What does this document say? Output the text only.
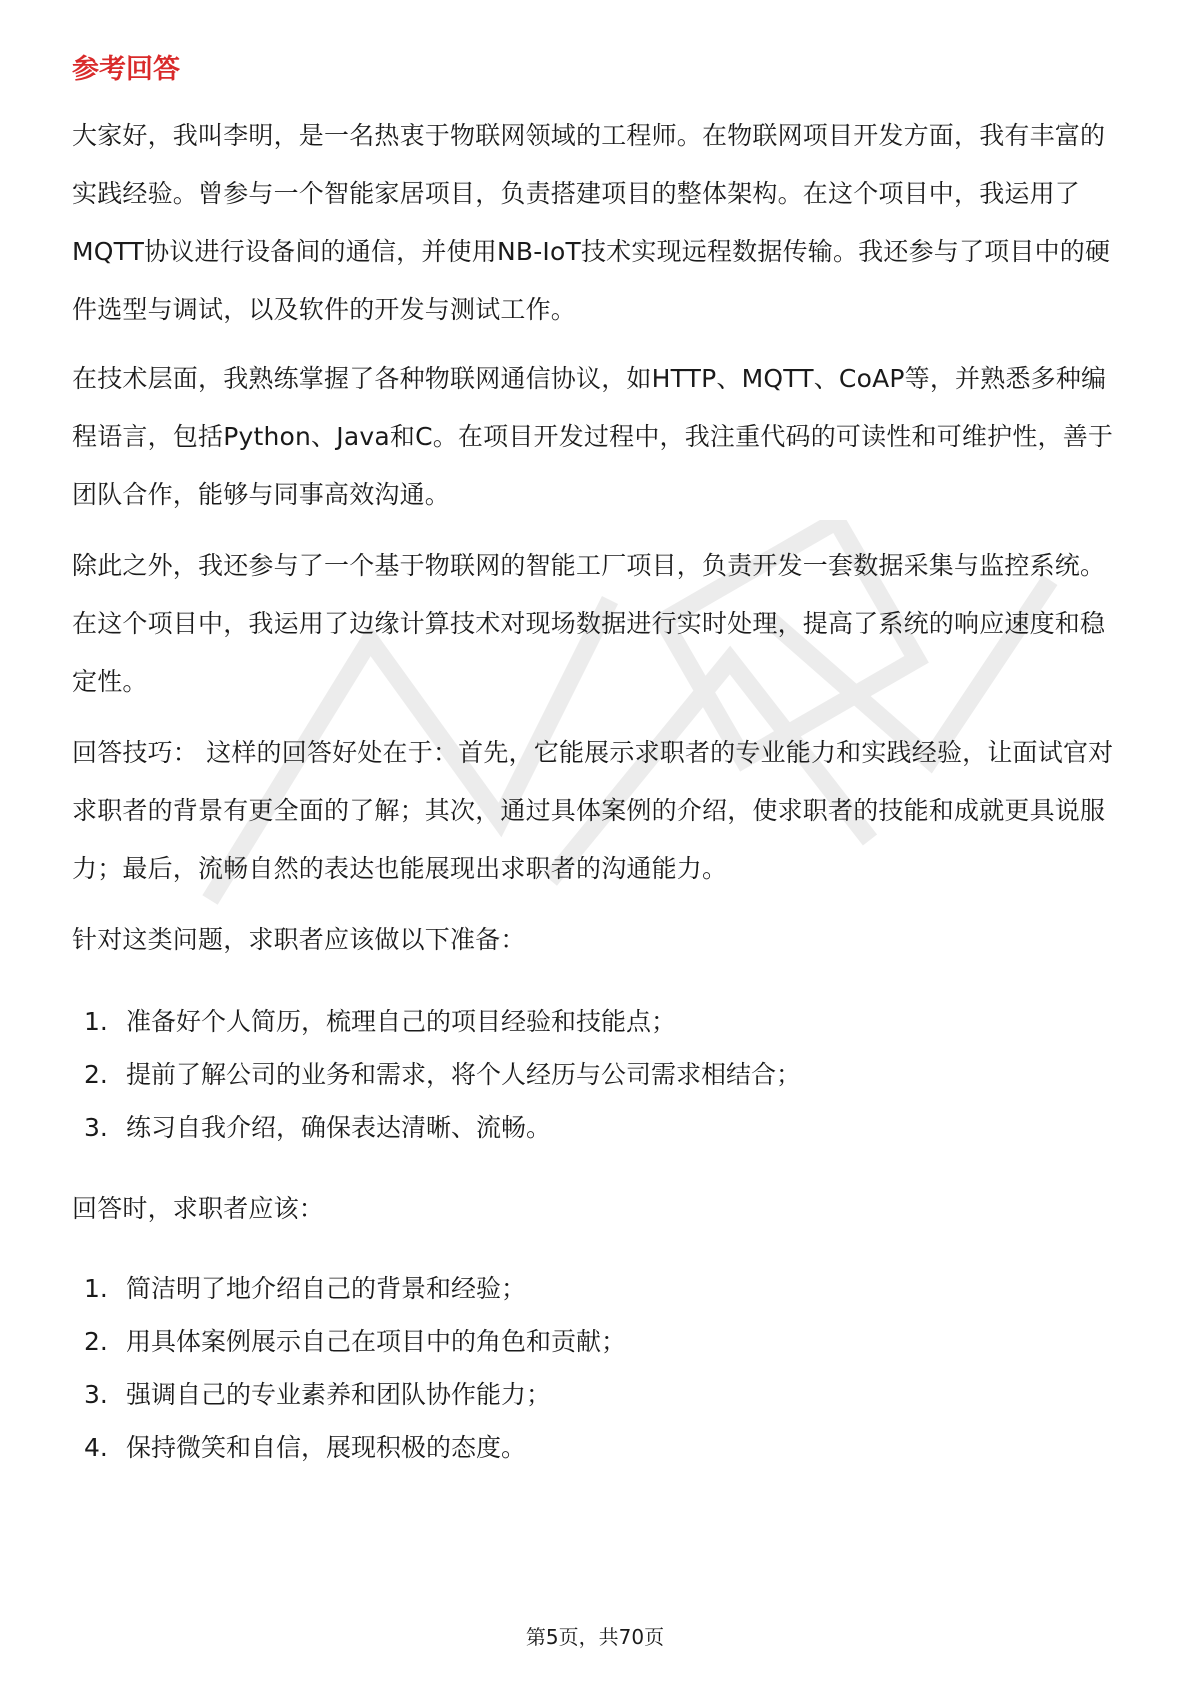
参考回答

大家好，我叫李明，是一名热衷于物联网领域的工程师。在物联网项目开发方面，我有丰富的实践经验。曾参与一个智能家居项目，负责搭建项目的整体架构。在这个项目中，我运用了MQTT协议进行设备间的通信，并使用NB-IoT技术实现远程数据传输。我还参与了项目中的硬件选型与调试，以及软件的开发与测试工作。

在技术层面，我熟练掌握了各种物联网通信协议，如HTTP、MQTT、CoAP等，并熟悉多种编程语言，包括Python、Java和C。在项目开发过程中，我注重代码的可读性和可维护性，善于团队合作，能够与同事高效沟通。

除此之外，我还参与了一个基于物联网的智能工厂项目，负责开发一套数据采集与监控系统。在这个项目中，我运用了边缘计算技术对现场数据进行实时处理，提高了系统的响应速度和稳定性。

回答技巧： 这样的回答好处在于：首先，它能展示求职者的专业能力和实践经验，让面试官对求职者的背景有更全面的了解；其次，通过具体案例的介绍，使求职者的技能和成就更具说服力；最后，流畅自然的表达也能展现出求职者的沟通能力。

针对这类问题，求职者应该做以下准备：

1. 准备好个人简历，梳理自己的项目经验和技能点；
2. 提前了解公司的业务和需求，将个人经历与公司需求相结合；
3. 练习自我介绍，确保表达清晰、流畅。

回答时，求职者应该：

1. 简洁明了地介绍自己的背景和经验；
2. 用具体案例展示自己在项目中的角色和贡献；
3. 强调自己的专业素养和团队协作能力；
4. 保持微笑和自信，展现积极的态度。
第5页，共70页
